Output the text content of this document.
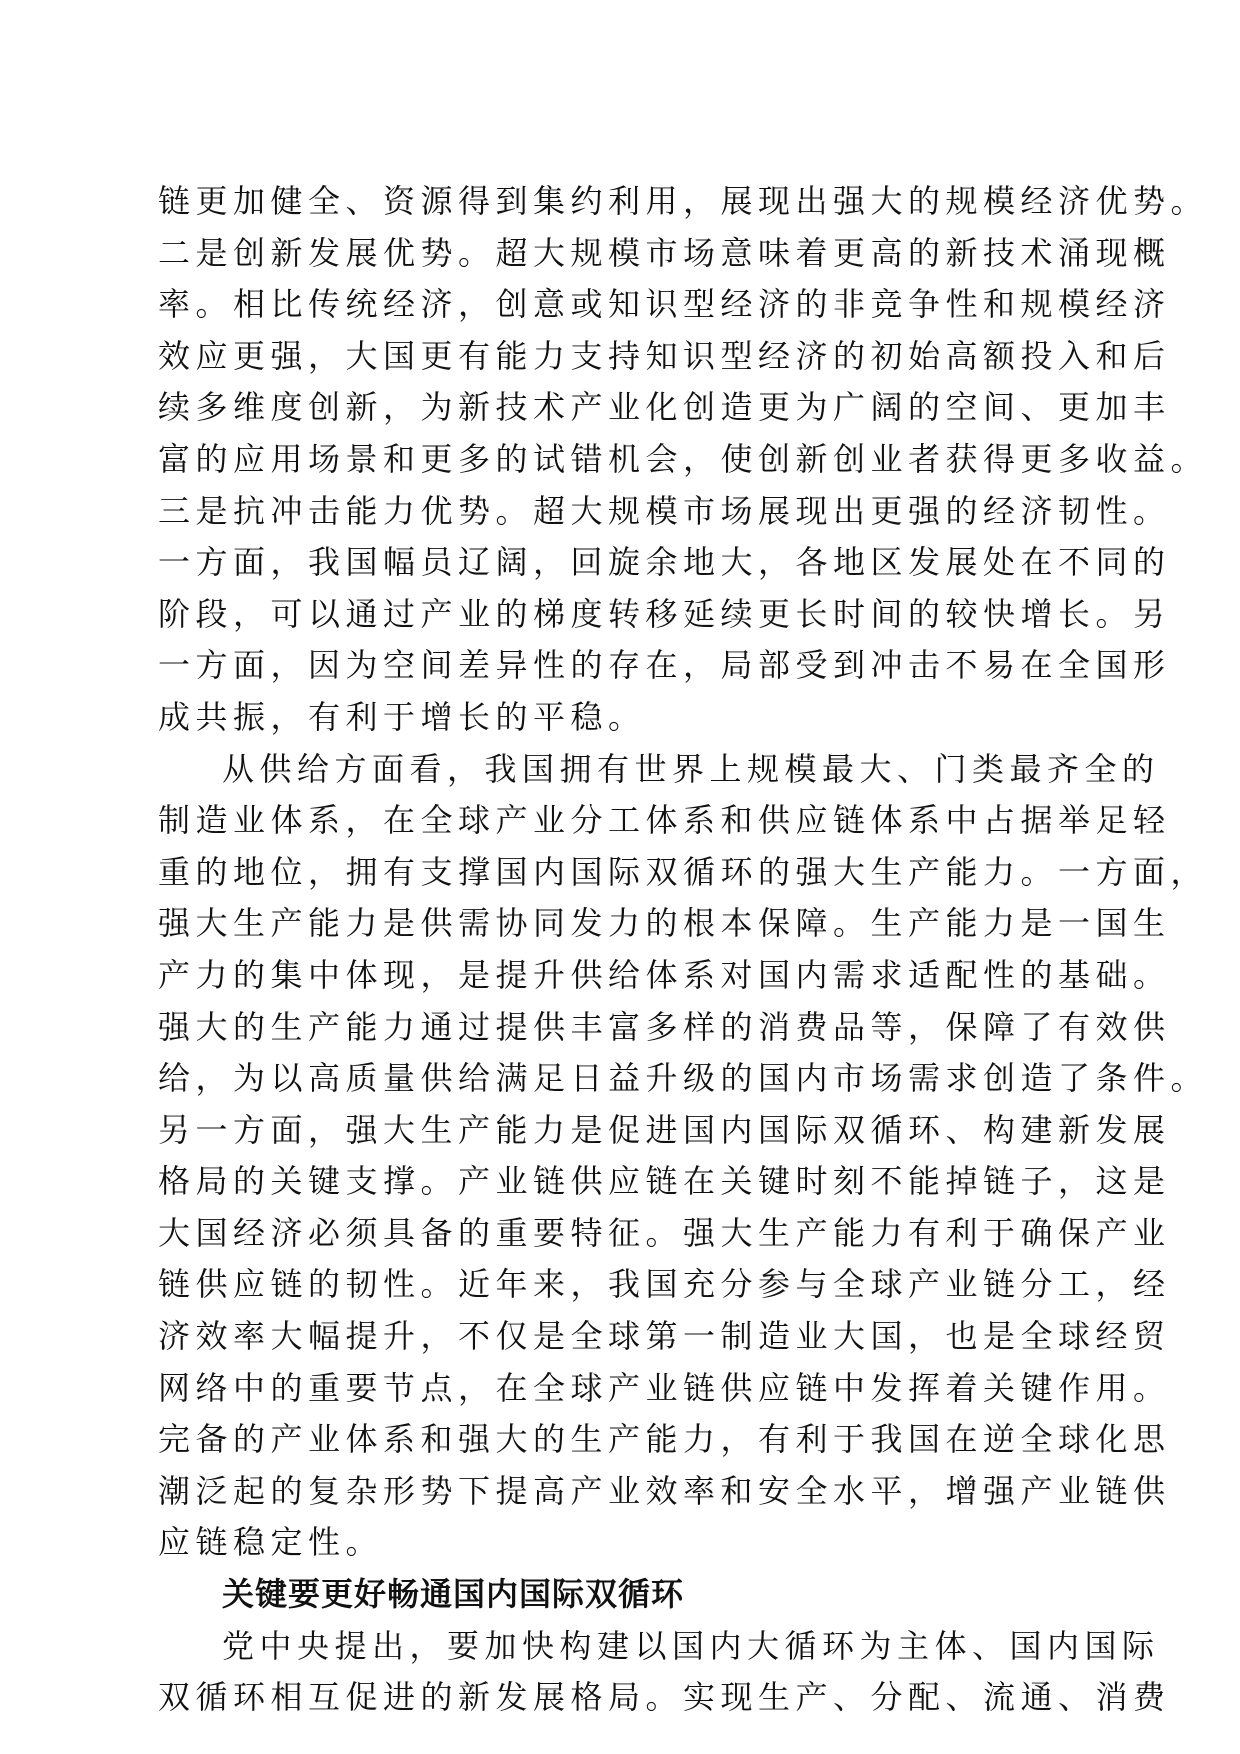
链更加健全、资源得到集约利用，展现出强大的规模经济优势。
二是创新发展优势。超大规模市场意味着更高的新技术涌现概
率。相比传统经济，创意或知识型经济的非竞争性和规模经济
效应更强，大国更有能力支持知识型经济的初始高额投入和后
续多维度创新，为新技术产业化创造更为广阔的空间、更加丰
富的应用场景和更多的试错机会，使创新创业者获得更多收益。
三是抗冲击能力优势。超大规模市场展现出更强的经济韧性。
一方面，我国幅员辽阔，回旋余地大，各地区发展处在不同的
阶段，可以通过产业的梯度转移延续更长时间的较快增长。另
一方面，因为空间差异性的存在，局部受到冲击不易在全国形
成共振，有利于增长的平稳。
从供给方面看，我国拥有世界上规模最大、门类最齐全的
制造业体系，在全球产业分工体系和供应链体系中占据举足轻
重的地位，拥有支撑国内国际双循环的强大生产能力。一方面，
强大生产能力是供需协同发力的根本保障。生产能力是一国生
产力的集中体现，是提升供给体系对国内需求适配性的基础。
强大的生产能力通过提供丰富多样的消费品等，保障了有效供
给，为以高质量供给满足日益升级的国内市场需求创造了条件。
另一方面，强大生产能力是促进国内国际双循环、构建新发展
格局的关键支撑。产业链供应链在关键时刻不能掉链子，这是
大国经济必须具备的重要特征。强大生产能力有利于确保产业
链供应链的韧性。近年来，我国充分参与全球产业链分工，经
济效率大幅提升，不仅是全球第一制造业大国，也是全球经贸
网络中的重要节点，在全球产业链供应链中发挥着关键作用。
完备的产业体系和强大的生产能力，有利于我国在逆全球化思
潮泛起的复杂形势下提高产业效率和安全水平，增强产业链供
应链稳定性。
关键要更好畅通国内国际双循环
党中央提出，要加快构建以国内大循环为主体、国内国际
双循环相互促进的新发展格局。实现生产、分配、流通、消费
